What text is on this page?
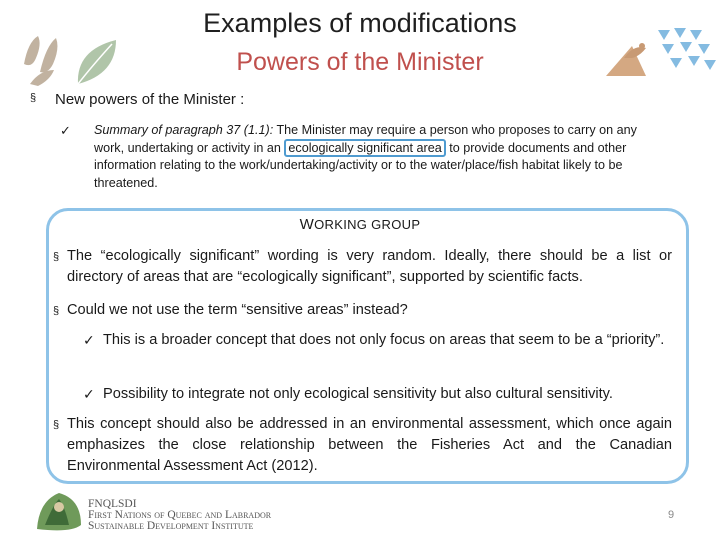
Examples of modifications
Powers of the Minister
§ New powers of the Minister :
✓ Summary of paragraph 37 (1.1): The Minister may require a person who proposes to carry on any work, undertaking or activity in an ecologically significant area to provide documents and other information relating to the work/undertaking/activity or to the water/place/fish habitat likely to be threatened.
WORKING GROUP
§ The “ecologically significant” wording is very random. Ideally, there should be a list or directory of areas that are “ecologically significant”, supported by scientific facts.
§ Could we not use the term “sensitive areas” instead?
✓ This is a broader concept that does not only focus on areas that seem to be a “priority”.
✓ Possibility to integrate not only ecological sensitivity but also cultural sensitivity.
§ This concept should also be addressed in an environmental assessment, which once again emphasizes the close relationship between the Fisheries Act and the Canadian Environmental Assessment Act (2012).
FNQLSDI
First Nations of Quebec and Labrador
Sustainable Development Institute
9
